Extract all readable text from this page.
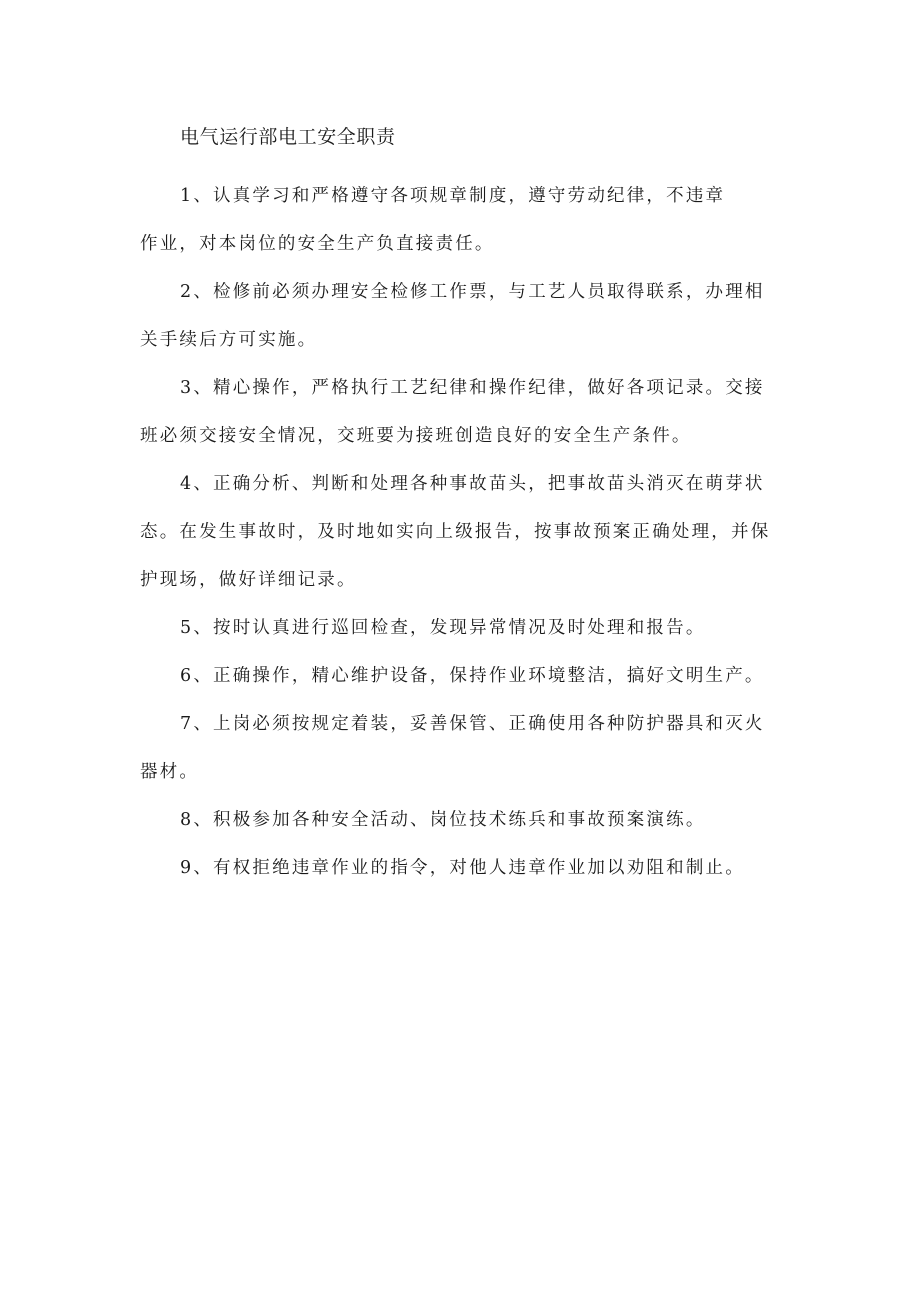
电气运行部电工安全职责
1、认真学习和严格遵守各项规章制度，遵守劳动纪律，不违章
作业，对本岗位的安全生产负直接责任。
2、检修前必须办理安全检修工作票，与工艺人员取得联系，办理相
关手续后方可实施。
3、精心操作，严格执行工艺纪律和操作纪律，做好各项记录。交接
班必须交接安全情况，交班要为接班创造良好的安全生产条件。
4、正确分析、判断和处理各种事故苗头，把事故苗头消灭在萌芽状
态。在发生事故时，及时地如实向上级报告，按事故预案正确处理，并保
护现场，做好详细记录。
5、按时认真进行巡回检查，发现异常情况及时处理和报告。
6、正确操作，精心维护设备，保持作业环境整洁，搞好文明生产。
7、上岗必须按规定着装，妥善保管、正确使用各种防护器具和灭火
器材。
8、积极参加各种安全活动、岗位技术练兵和事故预案演练。
9、有权拒绝违章作业的指令，对他人违章作业加以劝阻和制止。
